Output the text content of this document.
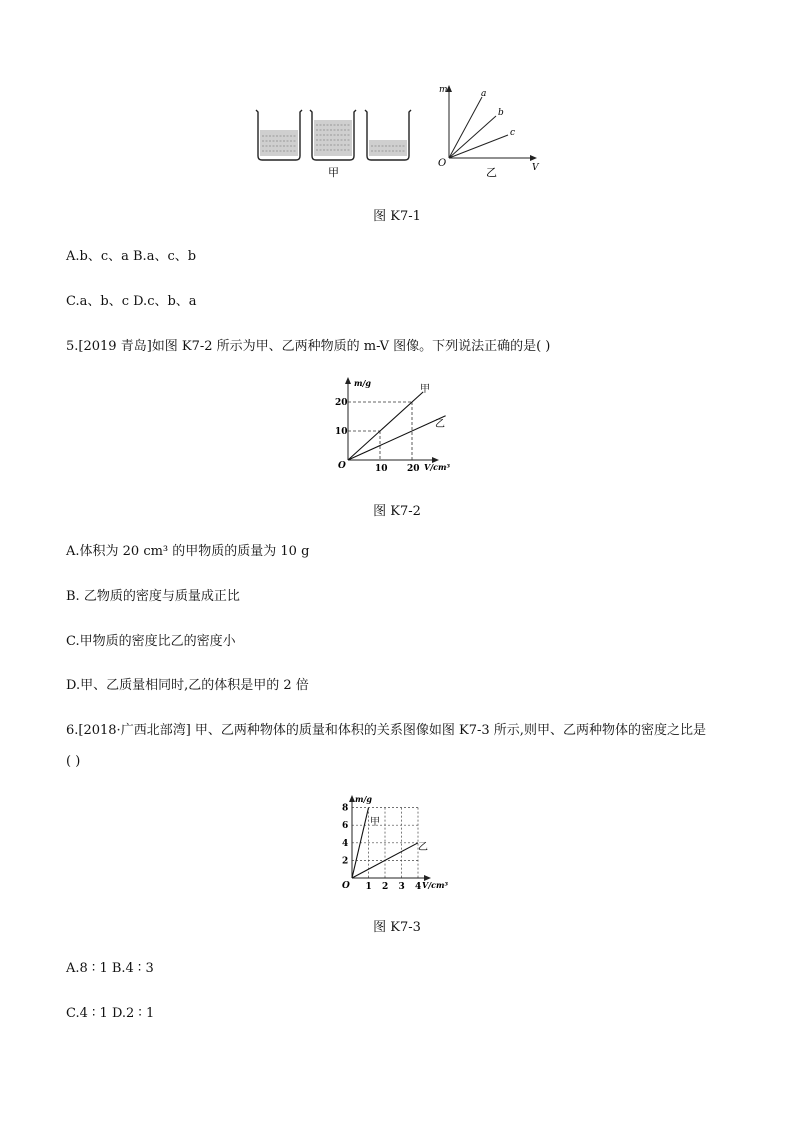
甲
m
V
O
a
b
c
乙
图 K7-1
A.b、c、a B.a、c、b
C.a、b、c D.c、b、a
5.[2019 青岛]如图 K7-2 所示为甲、乙两种物质的 m-V 图像。下列说法正确的是( )
10
20
10 20
m/g
V/cm³
O
甲
乙
图 K7-2
A.体积为 20 cm³ 的甲物质的质量为 10 g
B. 乙物质的密度与质量成正比
C.甲物质的密度比乙的密度小
D.甲、乙质量相同时,乙的体积是甲的 2 倍
6.[2018·广西北部湾] 甲、乙两种物体的质量和体积的关系图像如图 K7-3 所示,则甲、乙两种物体的密度之比是
( )
2
4
6
8
1 2 3 4
m/g
V/cm³
O
甲
乙
图 K7-3
A.8 ∶ 1 B.4 ∶ 3
C.4 ∶ 1 D.2 ∶ 1
